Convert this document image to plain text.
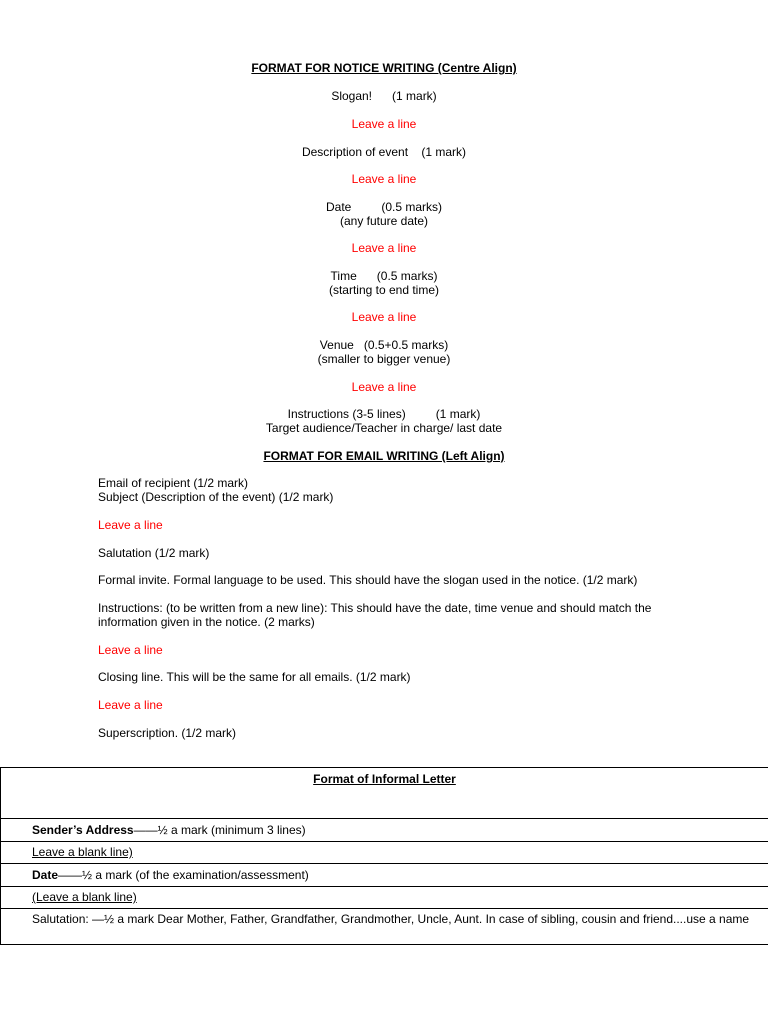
FORMAT FOR NOTICE WRITING (Centre Align)
Slogan!      (1 mark)
Leave a line
Description of event    (1 mark)
Leave a line
Date         (0.5 marks)
(any future date)
Leave a line
Time      (0.5 marks)
(starting to end time)
Leave a line
Venue   (0.5+0.5 marks)
(smaller to bigger venue)
Leave a line
Instructions (3-5 lines)         (1 mark)
Target audience/Teacher in charge/ last date
FORMAT FOR EMAIL WRITING (Left Align)
Email of recipient (1/2 mark)
Subject (Description of the event) (1/2 mark)
Leave a line
Salutation (1/2 mark)
Formal invite. Formal language to be used. This should have the slogan used in the notice. (1/2 mark)
Instructions: (to be written from a new line): This should have the date, time venue and should match the information given in the notice. (2 marks)
Leave a line
Closing line. This will be the same for all emails. (1/2 mark)
Leave a line
Superscription. (1/2 mark)
Format of Informal Letter
Sender’s Address——½ a mark (minimum 3 lines)
Leave a blank line)
Date——½ a mark (of the examination/assessment)
(Leave a blank line)
Salutation: —½ a mark Dear Mother, Father, Grandfather, Grandmother, Uncle, Aunt. In case of sibling, cousin and friend....use a name
